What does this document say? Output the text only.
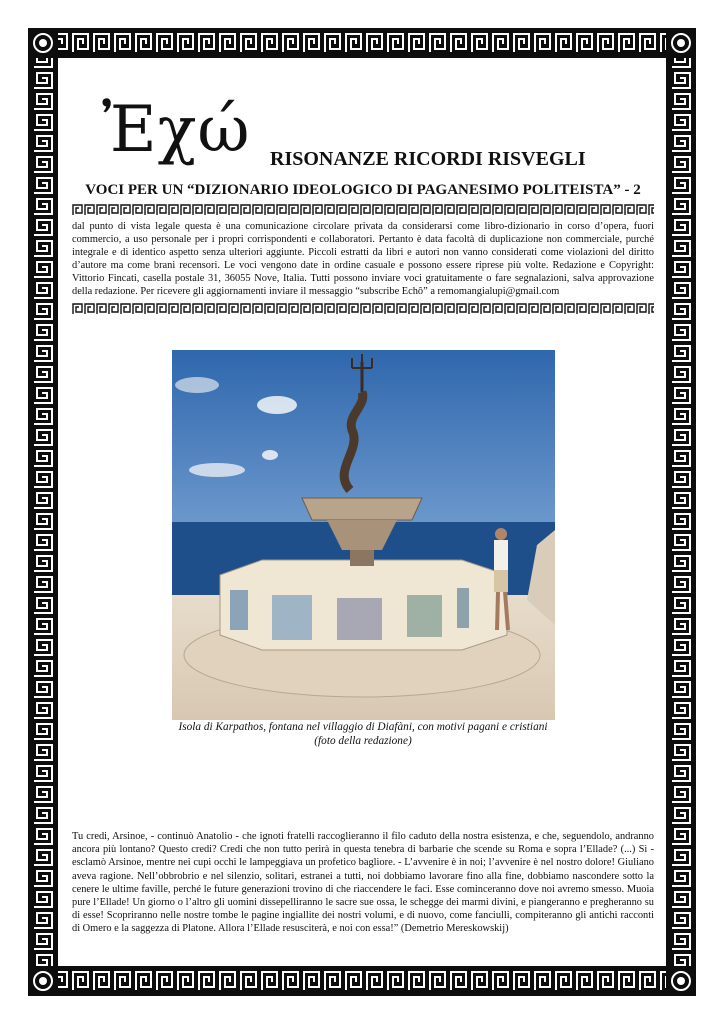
Ἐχώ RISONANZE RICORDI RISVEGLI
VOCI PER UN “DIZIONARIO IDEOLOGICO DI PAGANESIMO POLITEISTA” - 2
dal punto di vista legale questa è una comunicazione circolare privata da considerarsi come libro-dizionario in corso d’opera, fuori commercio, a uso personale per i propri corrispondenti e collaboratori. Pertanto è data facoltà di duplicazione non commerciale, purché integrale e di identico aspetto senza ulteriori aggiunte. Piccoli estratti da libri e autori non vanno considerati come violazioni del diritto d’autore ma come brani recensori. Le voci vengono date in ordine casuale e possono essere riprese più volte. Redazione e Copyright: Vittorio Fincati, casella postale 31, 36055 Nove, Italia. Tutti possono inviare voci gratuitamente o fare segnalazioni, salva approvazione della redazione. Per ricevere gli aggiornamenti inviare il messaggio “subscribe Echô” a remomangialupi@gmail.com
Isola di Karpathos, fontana nel villaggio di Diafàni, con motivi pagani e cristiani
(foto della redazione)
Tu credi, Arsinoe, - continuò Anatolio - che ignoti fratelli raccoglieranno il filo caduto della nostra esistenza, e che, seguendolo, andranno ancora più lontano? Questo credi? Credi che non tutto perirà in questa tenebra di barbarie che scende su Roma e sopra l’Ellade? (...) Sì - esclamò Arsinoe, mentre nei cupi occhi le lampeggiava un profetico bagliore. - L’avvenire è in noi; l’avvenire è nel nostro dolore! Giuliano aveva ragione. Nell’obbrobrio e nel silenzio, solitari, estranei a tutti, noi dobbiamo lavorare fino alla fine, dobbiamo nascondere sotto la cenere le ultime faville, perché le future generazioni trovino di che riaccendere le faci. Esse cominceranno dove noi avremo smesso. Muoia pure l’Ellade! Un giorno o l’altro gli uomini dissepelliranno le sacre sue ossa, le schegge dei marmi divini, e piangeranno e pregheranno su di esse! Scopriranno nelle nostre tombe le pagine ingiallite dei nostri volumi, e di nuovo, come fanciulli, compiteranno gli antichi racconti di Omero e la saggezza di Platone. Allora l’Ellade resusciterà, e noi con essa!” (Demetrio Mereskowskij)
